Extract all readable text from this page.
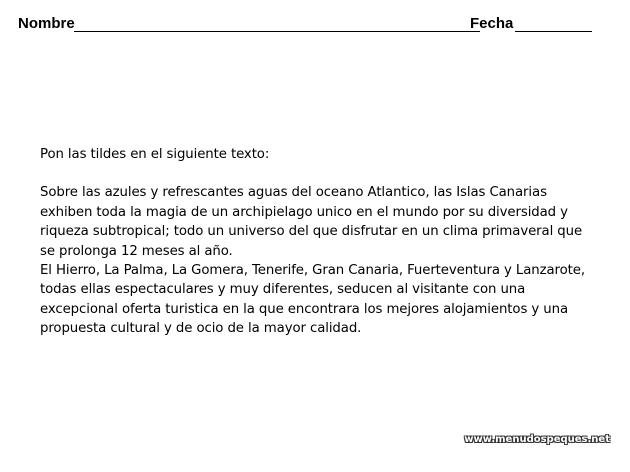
Nombre	Fecha

Pon las tildes en el siguiente texto:

Sobre las azules y refrescantes aguas del oceano Atlantico, las Islas Canarias exhiben toda la magia de un archipielago unico en el mundo por su diversidad y riqueza subtropical; todo un universo del que disfrutar en un clima primaveral que se prolonga 12 meses al año.

El Hierro, La Palma, La Gomera, Tenerife, Gran Canaria, Fuerteventura y Lanzarote, todas ellas espectaculares y muy diferentes, seducen al visitante con una excepcional oferta turistica en la que encontrara los mejores alojamientos y una propuesta cultural y de ocio de la mayor calidad.

www.menudospeques.net
